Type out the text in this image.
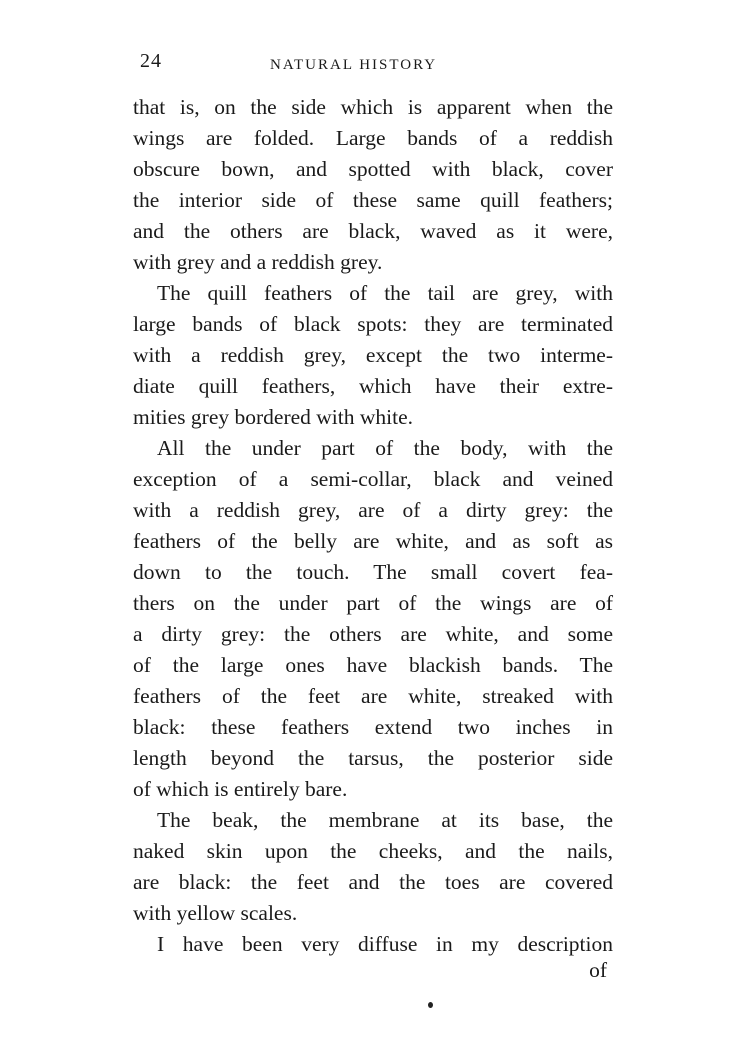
24	NATURAL HISTORY

that is, on the side which is apparent when the
wings are folded. Large bands of a reddish
obscure bown, and spotted with black, cover
the interior side of these same quill feathers;
and the others are black, waved as it were,
with grey and a reddish grey.

The quill feathers of the tail are grey, with
large bands of black spots: they are terminated
with a reddish grey, except the two interme-
diate quill feathers, which have their extre-
mities grey bordered with white.

All the under part of the body, with the
exception of a semi-collar, black and veined
with a reddish grey, are of a dirty grey: the
feathers of the belly are white, and as soft as
down to the touch. The small covert fea-
thers on the under part of the wings are of
a dirty grey: the others are white, and some
of the large ones have blackish bands. The
feathers of the feet are white, streaked with
black: these feathers extend two inches in
length beyond the tarsus, the posterior side
of which is entirely bare.

The beak, the membrane at its base, the
naked skin upon the cheeks, and the nails,
are black: the feet and the toes are covered
with yellow scales.

I have been very diffuse in my description

of
